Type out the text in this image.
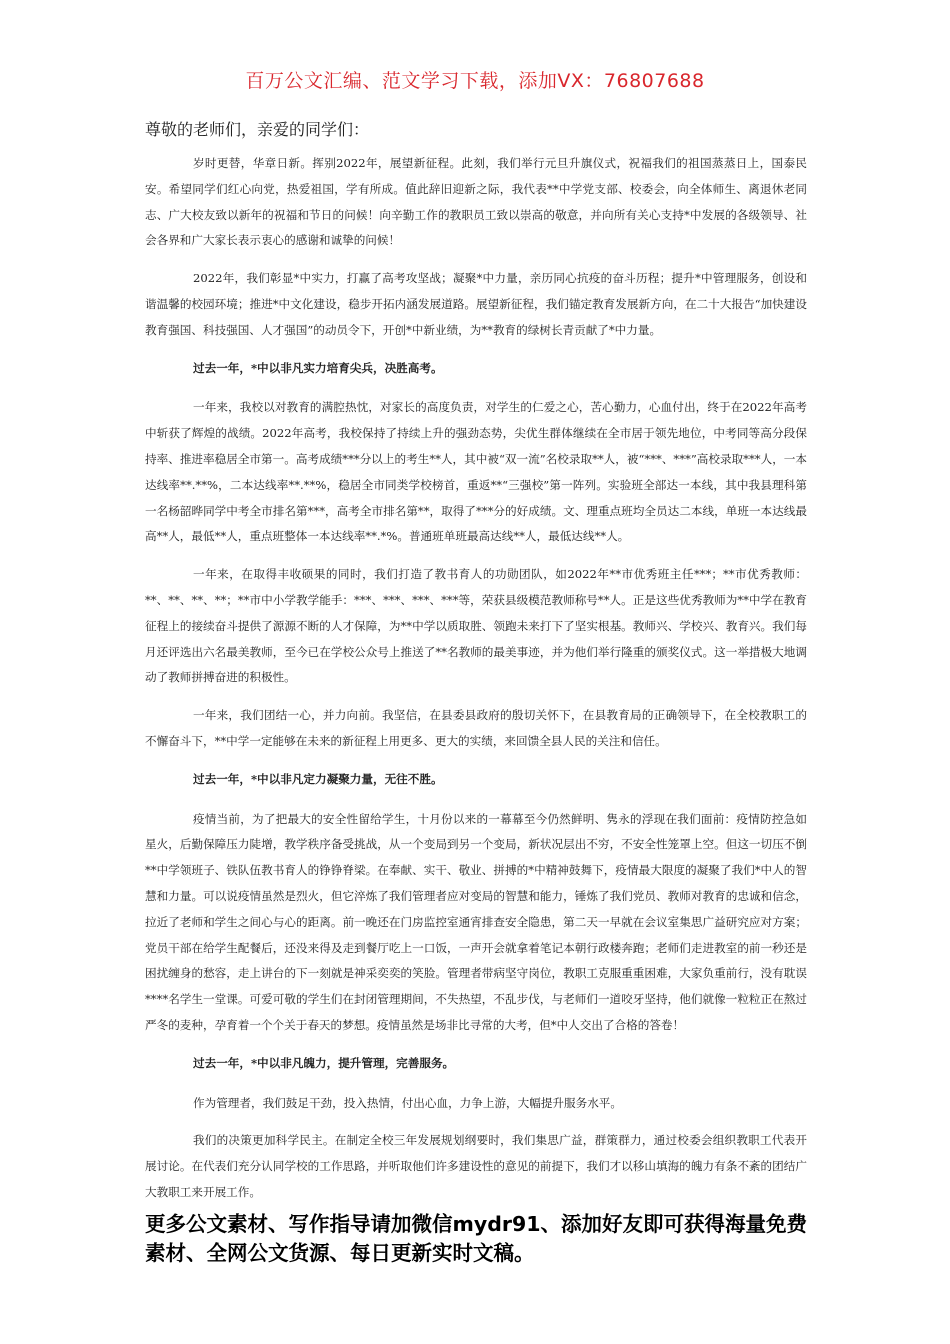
百万公文汇编、范文学习下载，添加VX：76807688
尊敬的老师们，亲爱的同学们：

岁时更替，华章日新。挥别2022年，展望新征程。此刻，我们举行元旦升旗仪式，祝福我们的祖国蒸蒸日上，国泰民安。希望同学们红心向党，热爱祖国，学有所成。值此辞旧迎新之际，我代表**中学党支部、校委会，向全体师生、离退休老同志、广大校友致以新年的祝福和节日的问候！向辛勤工作的教职员工致以崇高的敬意，并向所有关心支持*中发展的各级领导、社会各界和广大家长表示衷心的感谢和诚挚的问候！

2022年，我们彰显*中实力，打赢了高考攻坚战；凝聚*中力量，亲历同心抗疫的奋斗历程；提升*中管理服务，创设和谐温馨的校园环境；推进*中文化建设，稳步开拓内涵发展道路。展望新征程，我们锚定教育发展新方向，在二十大报告“加快建设教育强国、科技强国、人才强国”的动员令下，开创*中新业绩，为**教育的绿树长青贡献了*中力量。

过去一年，*中以非凡实力培育尖兵，决胜高考。

一年来，我校以对教育的满腔热忱，对家长的高度负责，对学生的仁爱之心，苦心勤力，心血付出，终于在2022年高考中斩获了辉煌的战绩。2022年高考，我校保持了持续上升的强劲态势，尖优生群体继续在全市居于领先地位，中考同等高分段保持率、推进率稳居全市第一。高考成绩***分以上的考生**人，其中被“双一流”名校录取**人，被“***、***”高校录取***人，一本达线率**.**%，二本达线率**.**%，稳居全市同类学校榜首，重返**“三强校”第一阵列。实验班全部达一本线，其中我县理科第一名杨韶晔同学中考全市排名第***，高考全市排名第**，取得了***分的好成绩。文、理重点班均全员达二本线，单班一本达线最高**人，最低**人，重点班整体一本达线率**.*%。普通班单班最高达线**人，最低达线**人。

一年来，在取得丰收硕果的同时，我们打造了教书育人的功勋团队，如2022年**市优秀班主任***；**市优秀教师：**、**、**、**；**市中小学教学能手：***、***、***、***等，荣获县级模范教师称号**人。正是这些优秀教师为**中学在教育征程上的接续奋斗提供了源源不断的人才保障，为**中学以质取胜、领跑未来打下了坚实根基。教师兴、学校兴、教育兴。我们每月还评选出六名最美教师，至今已在学校公众号上推送了**名教师的最美事迹，并为他们举行隆重的颁奖仪式。这一举措极大地调动了教师拼搏奋进的积极性。

一年来，我们团结一心，并力向前。我坚信，在县委县政府的殷切关怀下，在县教育局的正确领导下，在全校教职工的不懈奋斗下，**中学一定能够在未来的新征程上用更多、更大的实绩，来回馈全县人民的关注和信任。

过去一年，*中以非凡定力凝聚力量，无往不胜。

疫情当前，为了把最大的安全性留给学生，十月份以来的一幕幕至今仍然鲜明、隽永的浮现在我们面前：疫情防控急如星火，后勤保障压力陡增，教学秩序备受挑战，从一个变局到另一个变局，新状况层出不穷，不安全性笼罩上空。但这一切压不倒**中学领班子、铁队伍教书育人的铮铮脊梁。在奉献、实干、敬业、拼搏的*中精神鼓舞下，疫情最大限度的凝聚了我们*中人的智慧和力量。可以说疫情虽然是烈火，但它淬炼了我们管理者应对变局的智慧和能力，锤炼了我们党员、教师对教育的忠诚和信念，拉近了老师和学生之间心与心的距离。前一晚还在门房监控室通宵排查安全隐患，第二天一早就在会议室集思广益研究应对方案；党员干部在给学生配餐后，还没来得及走到餐厅吃上一口饭，一声开会就拿着笔记本朝行政楼奔跑；老师们走进教室的前一秒还是困扰缠身的愁容，走上讲台的下一刻就是神采奕奕的笑脸。管理者带病坚守岗位，教职工克服重重困难，大家负重前行，没有耽误****名学生一堂课。可爱可敬的学生们在封闭管理期间，不失热望，不乱步伐，与老师们一道咬牙坚持，他们就像一粒粒正在熬过严冬的麦种，孕育着一个个关于春天的梦想。疫情虽然是场非比寻常的大考，但*中人交出了合格的答卷！

过去一年，*中以非凡魄力，提升管理，完善服务。

作为管理者，我们鼓足干劲，投入热情，付出心血，力争上游，大幅提升服务水平。

我们的决策更加科学民主。在制定全校三年发展规划纲要时，我们集思广益，群策群力，通过校委会组织教职工代表开展讨论。在代表们充分认同学校的工作思路，并听取他们许多建设性的意见的前提下，我们才以移山填海的魄力有条不紊的团结广大教职工来开展工作。

更多公文素材、写作指导请加微信mydr91、添加好友即可获得海量免费素材、全网公文货源、每日更新实时文稿。
